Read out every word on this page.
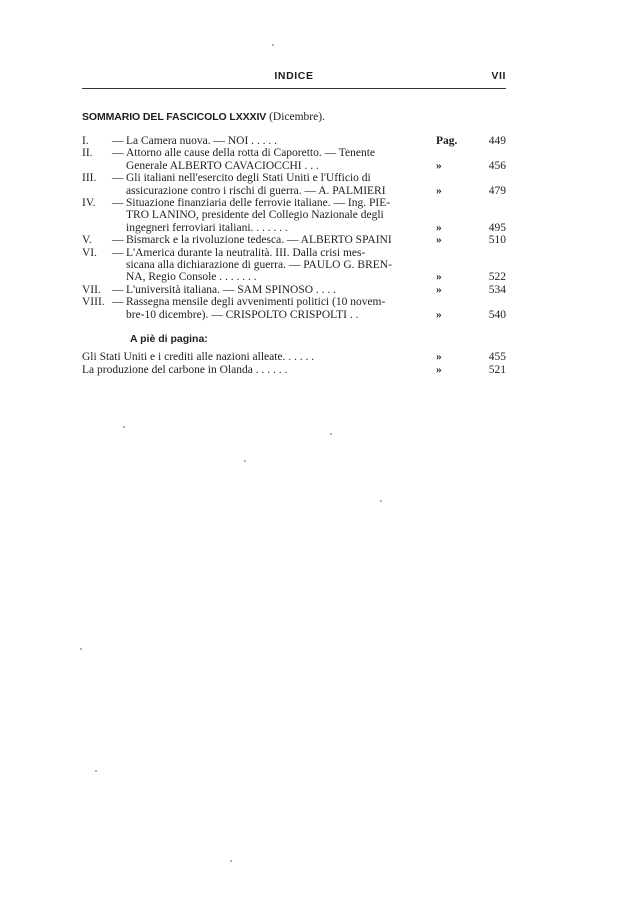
INDICE	VII
SOMMARIO DEL FASCICOLO LXXXIV (Dicembre).
I.	— La Camera nuova. — NOI . . . . .	Pag.	449
II.	— Attorno alle cause della rotta di Caporetto. — Tenente
Generale ALBERTO CAVACIOCCHI . . .	»	456
III.	— Gli italiani nell'esercito degli Stati Uniti e l'Ufficio di
assicurazione contro i rischi di guerra. — A. PALMIERI	»	479
IV.	— Situazione finanziaria delle ferrovie italiane. — Ing. PIE-
TRO LANINO, presidente del Collegio Nazionale degli
ingegneri ferroviari italiani. . . . . . .	»	495
V.	— Bismarck e la rivoluzione tedesca. — ALBERTO SPAINI	»	510
VI.	— L'America durante la neutralità. III. Dalla crisi mes-
sicana alla dichiarazione di guerra. — PAULO G. BREN-
NA, Regio Console . . . . . . .	»	522
VII. — L'università italiana. — SAM SPINOSO . . . .	»	534
VIII. — Rassegna mensile degli avvenimenti politici (10 novem-
bre-10 dicembre). — CRISPOLTO CRISPOLTI . .	»	540
A piè di pagina:
Gli Stati Uniti e i crediti alle nazioni alleate. . . . . .	»	455
La produzione del carbone in Olanda . . . . . .	»	521
